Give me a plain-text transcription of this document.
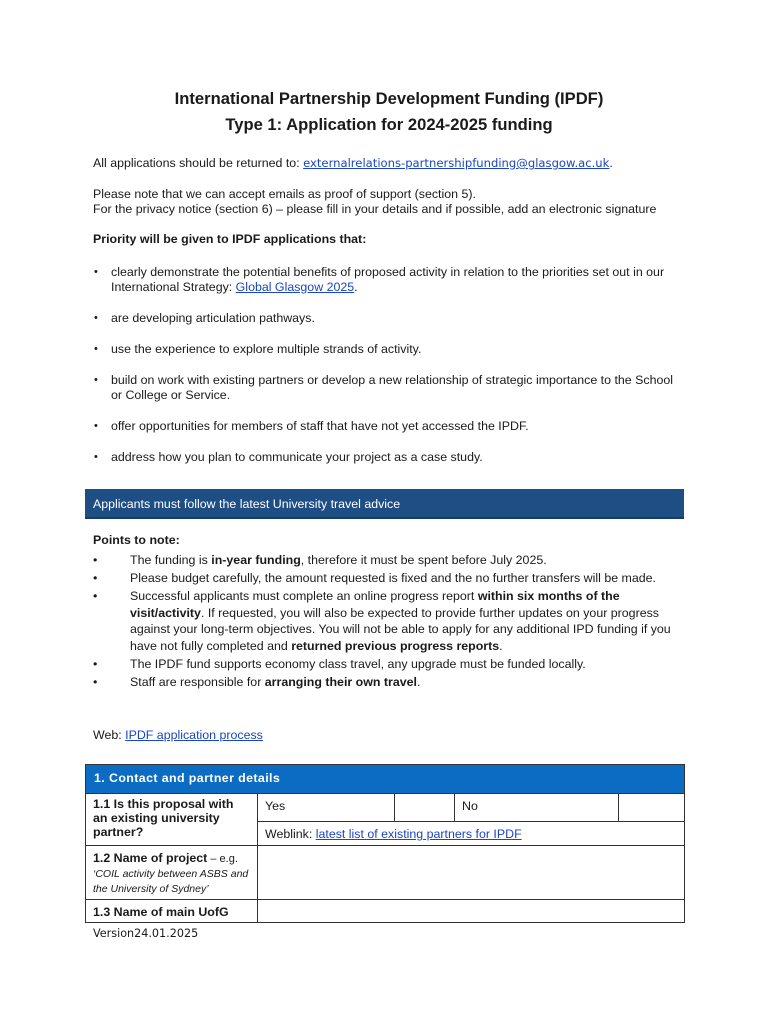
International Partnership Development Funding (IPDF)
Type 1: Application for 2024-2025 funding

All applications should be returned to: externalrelations-partnershipfunding@glasgow.ac.uk.

Please note that we can accept emails as proof of support (section 5).

For the privacy notice (section 6) – please fill in your details and if possible, add an electronic signature

Priority will be given to IPDF applications that:

• clearly demonstrate the potential benefits of proposed activity in relation to the priorities set out in our International Strategy: Global Glasgow 2025.
• are developing articulation pathways.
• use the experience to explore multiple strands of activity.
• build on work with existing partners or develop a new relationship of strategic importance to the School or College or Service.
• offer opportunities for members of staff that have not yet accessed the IPDF.
• address how you plan to communicate your project as a case study.
Applicants must follow the latest University travel advice

Points to note:

• The funding is in-year funding, therefore it must be spent before July 2025.
• Please budget carefully, the amount requested is fixed and the no further transfers will be made.
• Successful applicants must complete an online progress report within six months of the visit/activity. If requested, you will also be expected to provide further updates on your progress against your long-term objectives. You will not be able to apply for any additional IPD funding if you have not fully completed and returned previous progress reports.
• The IPDF fund supports economy class travel, any upgrade must be funded locally.
• Staff are responsible for arranging their own travel.

Web: IPDF application process

1. Contact and partner details				
1.1 Is this proposal with an existing university partner?	Yes		No	
	Weblink: latest list of existing partners for IPDF			
1.2 Name of project – e.g.
‘COIL activity between ASBS and the University of Sydney’				
1.3 Name of main UofG				
Version24.01.2025
